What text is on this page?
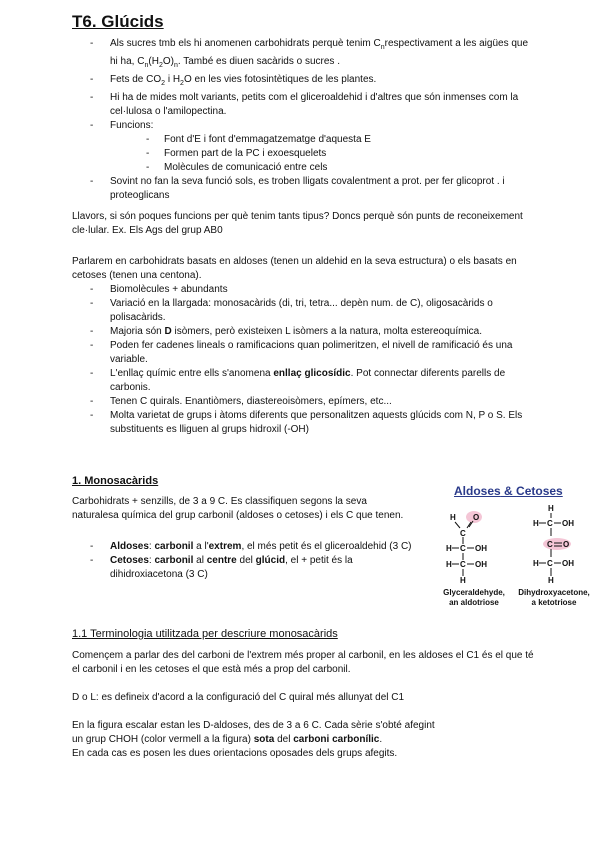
T6. Glúcids
- Als sucres tmb els hi anomenen carbohidrats perquè tenim $C_nrespectivament$ a les aigües que hi ha, $C_n(H_2O)_n$. També es diuen sacàrids o sucres .
- Fets de $CO_2$ i $H_2O$ en les vies fotosintètiques de les plantes.
- Hi ha de mides molt variants, petits com el gliceroaldehid i d'altres que són inmenses com la cel·lulosa o l'amilopectina.
- Funcions:
- Font d'E i font d'emmagatzematge d'aquesta E
- Formen part de la PC i exoesquelets
- Molècules de comunicació entre cels
- Sovint no fan la seva funció sols, es troben lligats covalentment a prot. per fer glicoprot . i proteoglicans

Llavors, si són poques funcions per què tenim tants tipus? Doncs perquè són punts de reconeixement cle·lular. Ex. Els Ags del grup AB0

Parlarem en carbohidrats basats en aldoses (tenen un aldehid en la seva estructura) o els basats en cetoses (tenen una centona).

- Biomolècules + abundants
- Variació en la llargada: monosacàrids (di, tri, tetra... depèn num. de C), oligosacàrids o polisacàrids.
- Majoria són D isòmers, però existeixen L isòmers a la natura, molta estereoquímica.
- Poden fer cadenes lineals o ramificacions quan polimeritzen, el nivell de ramificació és una variable.
- L'enllaç químic entre ells s'anomena enllaç glicosídic. Pot connectar diferents parells de carbonis.
- Tenen C quirals. Enantiòmers, diastereoisòmers, epímers, etc...
- Molta varietat de grups i àtoms diferents que personalitzen aquests glúcids com N, P o S. Els substituents es lliguen al grups hidroxil (-OH)
1. Monosacàrids

Carbohidrats + senzills, de 3 a 9 C. Es classifiquen segons la seva naturalesa química del grup carbonil (aldoses o cetoses) i els C que tenen.

- Aldoses: carbonil a l'extrem, el més petit és el gliceroaldehid (3 C)
- Cetoses: carbonil al centre del glúcid, el + petit és la dihidroxiacetona (3 C)
Aldoses & Cetoses
H O
C
H C OH
H C OH
H
H
H C OH
C O
H C OH
H
Glyceraldehyde,
an aldotriose
Dihydroxyacetone,
a ketotriose
1.1 Terminologia utilitzada per descriure monosacàrids

Començem a parlar des del carboni de l'extrem més proper al carbonil, en les aldoses el C1 és el que té el carbonil i en les cetoses el que està més a prop del carbonil.

D o L: es defineix d'acord a la configuració del C quiral més allunyat del C1

En la figura escalar estan les D-aldoses, des de 3 a 6 C. Cada sèrie s'obté afegint
un grup CHOH (color vermell a la figura) sota del carboni carbonílic.
En cada cas es posen les dues orientacions oposades dels grups afegits.
